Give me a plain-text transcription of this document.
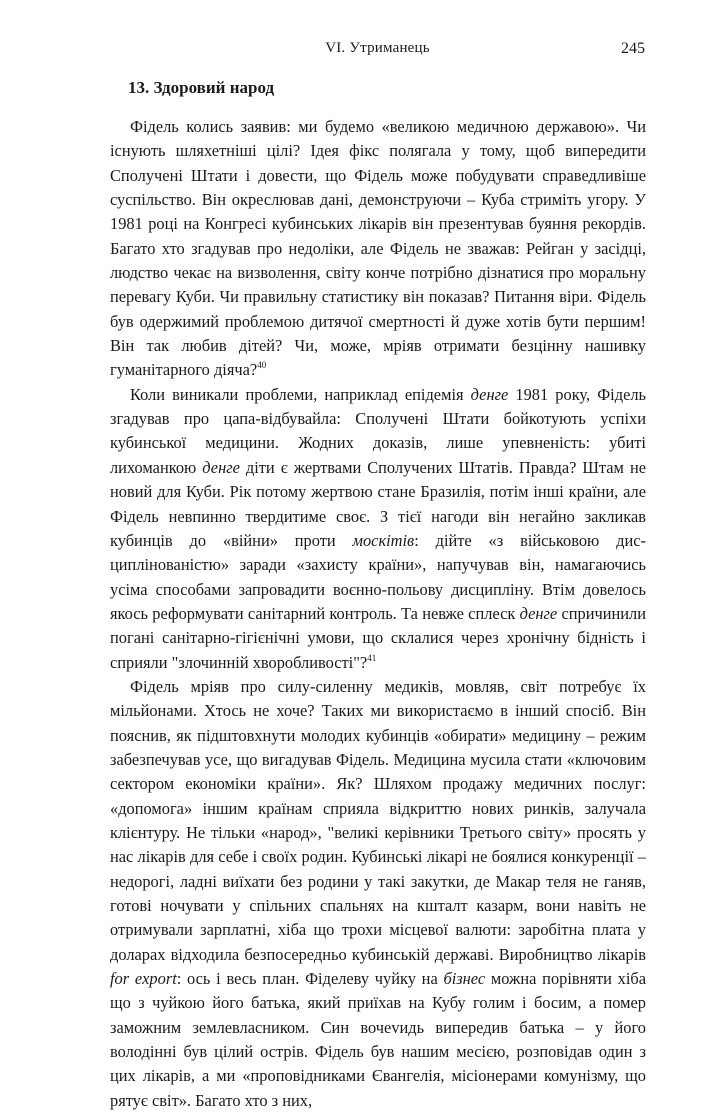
VI. Утриманець	245
13. Здоровий народ

Фідель колись заявив: ми будемо «великою медичною державою». Чи існують шляхетніші цілі? Ідея фікс полягала у тому, щоб випередити Сполучені Штати і довести, що Фідель може побудувати справедливіше суспільство. Він окреслював дані, демонструючи – Куба стриміть угору. У 1981 році на Конгресі кубинських лікарів він презентував буяння рекордів. Багато хто згадував про недоліки, але Фідель не зважав: Рейган у засідці, людство чекає на визволення, світу конче потрібно дізнатися про моральну перевагу Куби. Чи правильну статистику він показав? Питання віри. Фідель був одержимий проблемою дитячої смертності й дуже хотів бути першим! Він так любив дітей? Чи, може, мріяв отримати безцінну нашивку гуманітарного діяча?$^{40}$

Коли виникали проблеми, наприклад епідемія денге 1981 року, Фідель згадував про цапа-відбувайла: Сполучені Штати бойкотують успіхи кубинської медицини. Жодних доказів, лише упевненість: убиті лихоманкою денге діти є жертвами Сполучених Штатів. Правда? Штам не новий для Куби. Рік потому жертвою стане Бразилія, потім інші країни, але Фідель невпинно твердитиме своє. З тієї нагоди він негайно закликав кубинців до «війни» проти москітів: дійте «з військовою дисциплінованістю» заради «захисту країни», напучував він, намагаючись усіма способами запровадити воєнно-польову дисципліну. Втім довелось якось реформувати санітарний контроль. Та невже сплеск денге спричинили погані санітарно-гігієнічні умови, що склалися через хронічну бідність і сприяли "злочинній хворобливості"?$^{41}$

Фідель мріяв про силу-силенну медиків, мовляв, світ потребує їх мільйонами. Хтось не хоче? Таких ми використаємо в інший спосіб. Він пояснив, як підштовхнути молодих кубинців «обирати» медицину – режим забезпечував усе, що вигадував Фідель. Медицина мусила стати «ключовим сектором економіки країни». Як? Шляхом продажу медичних послуг: «допомога» іншим країнам сприяла відкриттю нових ринків, залучала клієнтуру. Не тільки «народ», "великі керівники Третього світу» просять у нас лікарів для себе і своїх родин. Кубинські лікарі не боялися конкуренції – недорогі, ладні виїхати без родини у такі закутки, де Макар теля не ганяв, готові ночувати у спільних спальнях на кшталт казарм, вони навіть не отримували зарплатні, хіба що трохи місцевої валюти: заробітна плата у доларах відходила безпосередньо кубинській державі. Виробництво лікарів for export: ось і весь план. Фіделеву чуйку на бізнес можна порівняти хіба що з чуйкою його батька, який приїхав на Кубу голим і босим, а помер заможним землевласником. Син вочеvидь випередив батька – у його володінні був цілий острів. Фідель був нашим месією, розповідав один з цих лікарів, а ми «проповідниками Євангелія, місіонерами комунізму, що рятує світ». Багато хто з них,
